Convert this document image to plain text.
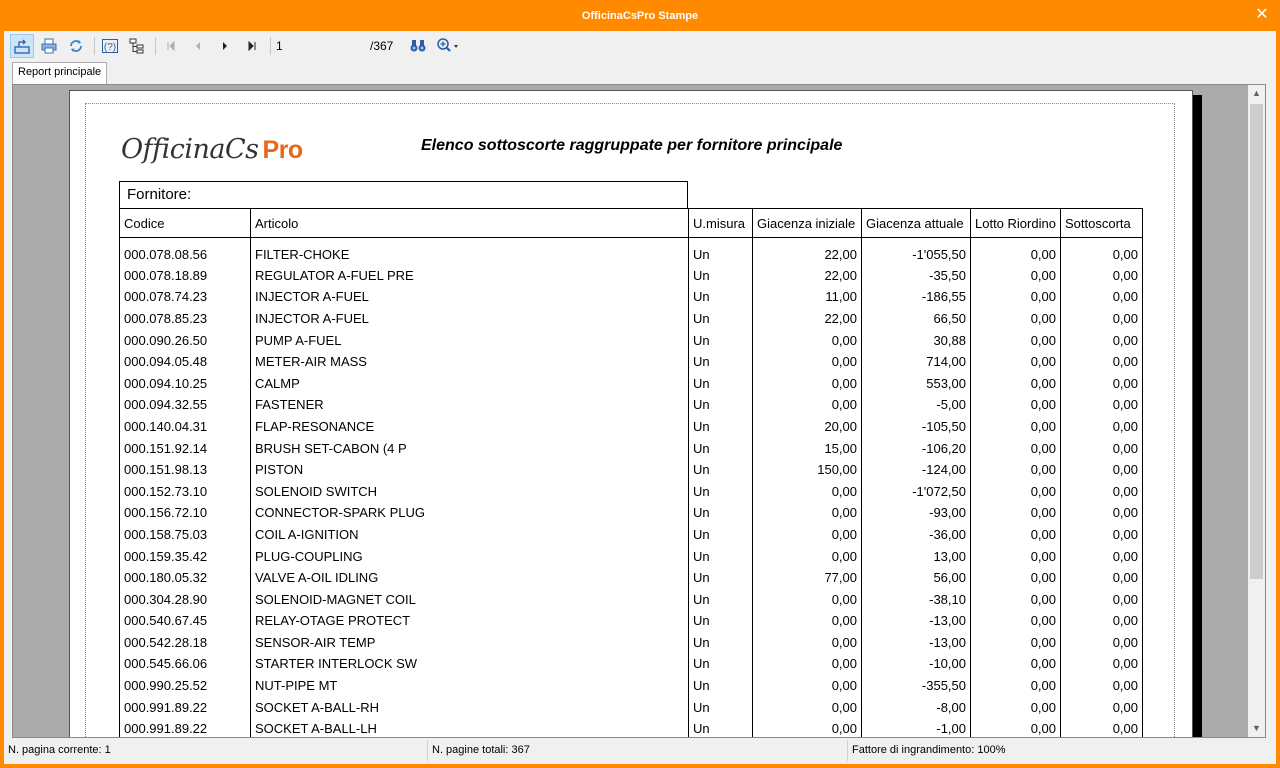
OfficinaCsPro Stampe	✕
(?)
1	/367
Report principale
OfficinaCs Pro	Elenco sottoscorte raggruppate per fornitore principale
Fornitore:
Codice	Articolo	U.misura	Giacenza iniziale	Giacenza attuale	Lotto Riordino	Sottoscorta
000.078.08.56	FILTER-CHOKE	Un	22,00	-1'055,50	0,00	0,00
000.078.18.89	REGULATOR A-FUEL PRE	Un	22,00	-35,50	0,00	0,00
000.078.74.23	INJECTOR A-FUEL	Un	11,00	-186,55	0,00	0,00
000.078.85.23	INJECTOR A-FUEL	Un	22,00	66,50	0,00	0,00
000.090.26.50	PUMP A-FUEL	Un	0,00	30,88	0,00	0,00
000.094.05.48	METER-AIR MASS	Un	0,00	714,00	0,00	0,00
000.094.10.25	CALMP	Un	0,00	553,00	0,00	0,00
000.094.32.55	FASTENER	Un	0,00	-5,00	0,00	0,00
000.140.04.31	FLAP-RESONANCE	Un	20,00	-105,50	0,00	0,00
000.151.92.14	BRUSH SET-CABON (4 P	Un	15,00	-106,20	0,00	0,00
000.151.98.13	PISTON	Un	150,00	-124,00	0,00	0,00
000.152.73.10	SOLENOID SWITCH	Un	0,00	-1'072,50	0,00	0,00
000.156.72.10	CONNECTOR-SPARK PLUG	Un	0,00	-93,00	0,00	0,00
000.158.75.03	COIL A-IGNITION	Un	0,00	-36,00	0,00	0,00
000.159.35.42	PLUG-COUPLING	Un	0,00	13,00	0,00	0,00
000.180.05.32	VALVE A-OIL IDLING	Un	77,00	56,00	0,00	0,00
000.304.28.90	SOLENOID-MAGNET COIL	Un	0,00	-38,10	0,00	0,00
000.540.67.45	RELAY-OTAGE PROTECT	Un	0,00	-13,00	0,00	0,00
000.542.28.18	SENSOR-AIR TEMP	Un	0,00	-13,00	0,00	0,00
000.545.66.06	STARTER INTERLOCK SW	Un	0,00	-10,00	0,00	0,00
000.990.25.52	NUT-PIPE MT	Un	0,00	-355,50	0,00	0,00
000.991.89.22	SOCKET A-BALL-RH	Un	0,00	-8,00	0,00	0,00
000.991.89.22	SOCKET A-BALL-LH	Un	0,00	-1,00	0,00	0,00
▲
▼
N. pagina corrente: 1	N. pagine totali: 367	Fattore di ingrandimento: 100%
